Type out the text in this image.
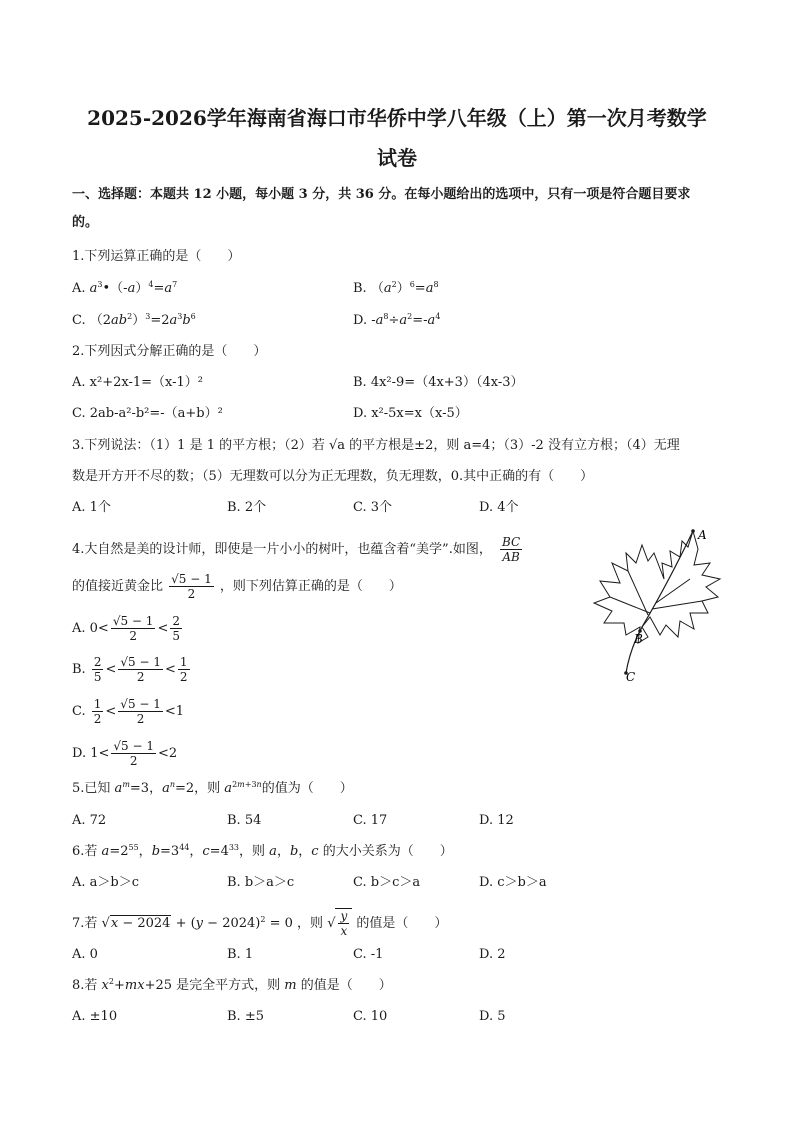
2025-2026学年海南省海口市华侨中学八年级（上）第一次月考数学
试卷
一、选择题：本题共 12 小题，每小题 3 分，共 36 分。在每小题给出的选项中，只有一项是符合题目要求
的。
1.下列运算正确的是（　　）
A. $a^3•(-a)^4=a^7$	B. $(a^2)^6=a^8$
C. $(2ab^2)^3=2a^3b^6$	D. $-a^8\div a^2=-a^4$
2.下列因式分解正确的是（　　）
A. x²+2x-1=（x-1）²	B. 4x²-9=（4x+3）（4x-3）
C. 2ab-a²-b²=-（a+b）²	D. x²-5x=x（x-5）
3.下列说法：（1）1 是 1 的平方根；（2）若 √a 的平方根是±2，则 a=4；（3）-2 没有立方根；（4）无理
数是开方开不尽的数；（5）无理数可以分为正无理数，负无理数，0.其中正确的有（　　）
A. 1个	B. 2个	C. 3个	D. 4个
4.大自然是美的设计师，即使是一片小小的树叶，也蕴含着“美学”.如图， $\frac{BC}{AB}$
的值接近黄金比 $\frac{√5 - 1}{2}$ ，则下列估算正确的是（　　）
A. $0< \frac{√5 - 1}{2} < \frac{2}{5}$
B. $\frac{2}{5} < \frac{√5 - 1}{2} < \frac{1}{2}$
C. $\frac{1}{2} < \frac{√5 - 1}{2} <1$
D. $1< \frac{√5 - 1}{2} <2$
A
B
C
5.已知 $a^m=3$，$a^n=2$，则 $a^{2m+3n}$的值为（　　）
A. 72	B. 54	C. 17	D. 12
6.若 $a=2^{55}$，$b=3^{44}$，$c=4^{33}$，则 a，b，c 的大小关系为（　　）
A. a＞b＞c	B. b＞a＞c	C. b＞c＞a	D. c＞b＞a
7.若 $√x - 2024 + (y - 2024)^2 = 0$ ，则 √ $\frac{y}{x}$ 的值是（　　）
A. 0	B. 1	C. -1	D. 2
8.若 $x^2+mx+25$ 是完全平方式，则 m 的值是（　　）
A. ±10	B. ±5	C. 10	D. 5
